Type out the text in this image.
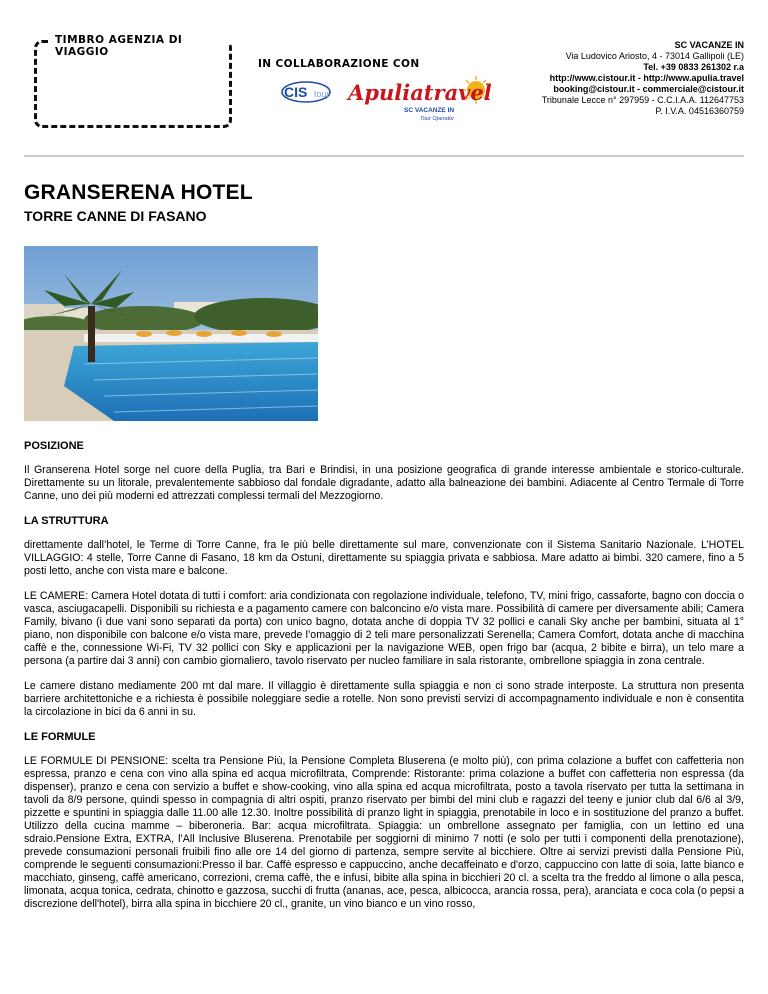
TIMBRO AGENZIA DI VIAGGIO
IN COLLABORAZIONE CON
CIS tour Apuliatravel
SC VACANZE IN
Tour Operator
SC VACANZE IN
Via Ludovico Ariosto, 4 - 73014 Gallipoli (LE)
Tel. +39 0833 261302 r.a
http://www.cistour.it - http://www.apulia.travel
booking@cistour.it - commerciale@cistour.it
Tribunale Lecce n° 297959 - C.C.I.A.A. 112647753
P. I.V.A. 04516360759
GRANSERENA HOTEL
TORRE CANNE DI FASANO
POSIZIONE

Il Granserena Hotel sorge nel cuore della Puglia, tra Bari e Brindisi, in una posizione geografica di grande interesse ambientale e storico-culturale. Direttamente su un litorale, prevalentemente sabbioso dal fondale digradante, adatto alla balneazione dei bambini. Adiacente al Centro Termale di Torre Canne, uno dei più moderni ed attrezzati complessi termali del Mezzogiorno.

LA STRUTTURA

direttamente dall’hotel, le Terme di Torre Canne, fra le più belle direttamente sul mare, convenzionate con il Sistema Sanitario Nazionale. L’HOTEL VILLAGGIO: 4 stelle, Torre Canne di Fasano, 18 km da Ostuni, direttamente su spiaggia privata e sabbiosa. Mare adatto ai bimbi. 320 camere, fino a 5 posti letto, anche con vista mare e balcone.

LE CAMERE: Camera Hotel dotata di tutti i comfort: aria condizionata con regolazione individuale, telefono, TV, mini frigo, cassaforte, bagno con doccia o vasca, asciugacapelli. Disponibili su richiesta e a pagamento camere con balconcino e/o vista mare. Possibilità di camere per diversamente abili; Camera Family, bivano (i due vani sono separati da porta) con unico bagno, dotata anche di doppia TV 32 pollici e canali Sky anche per bambini, situata al 1° piano, non disponibile con balcone e/o vista mare, prevede l’omaggio di 2 teli mare personalizzati Serenella; Camera Comfort, dotata anche di macchina caffè e the, connessione Wi-Fi, TV 32 pollici con Sky e applicazioni per la navigazione WEB, open frigo bar (acqua, 2 bibite e birra), un telo mare a persona (a partire dai 3 anni) con cambio giornaliero, tavolo riservato per nucleo familiare in sala ristorante, ombrellone spiaggia in zona centrale.

Le camere distano mediamente 200 mt dal mare. Il villaggio è direttamente sulla spiaggia e non ci sono strade interposte. La struttura non presenta barriere architettoniche e a richiesta è possibile noleggiare sedie a rotelle. Non sono previsti servizi di accompagnamento individuale e non è consentita la circolazione in bici da 6 anni in su.

LE FORMULE

LE FORMULE DI PENSIONE: scelta tra Pensione Più, la Pensione Completa Bluserena (e molto più), con prima colazione a buffet con caffetteria non espressa, pranzo e cena con vino alla spina ed acqua microfiltrata, Comprende: Ristorante: prima colazione a buffet con caffetteria non espressa (da dispenser), pranzo e cena con servizio a buffet e show-cooking, vino alla spina ed acqua microfiltrata, posto a tavola riservato per tutta la settimana in tavoli da 8/9 persone, quindi spesso in compagnia di altri ospiti, pranzo riservato per bimbi del mini club e ragazzi del teeny e junior club dal 6/6 al 3/9, pizzette e spuntini in spiaggia dalle 11.00 alle 12.30. Inoltre possibilità di pranzo light in spiaggia, prenotabile in loco e in sostituzione del pranzo a buffet. Utilizzo della cucina mamme – biberoneria. Bar: acqua microfiltrata. Spiaggia: un ombrellone assegnato per famiglia, con un lettino ed una sdraio.Pensione Extra, EXTRA, l’All Inclusive Bluserena. Prenotabile per soggiorni di minimo 7 notti (e solo per tutti i componenti della prenotazione), prevede consumazioni personali fruibili fino alle ore 14 del giorno di partenza, sempre servite al bicchiere. Oltre ai servizi previsti dalla Pensione Più, comprende le seguenti consumazioni:Presso il bar. Caffè espresso e cappuccino, anche decaffeinato e d'orzo, cappuccino con latte di soia, latte bianco e macchiato, ginseng, caffè americano, correzioni, crema caffè, the e infusi, bibite alla spina in bicchieri 20 cl. a scelta tra the freddo al limone o alla pesca, limonata, acqua tonica, cedrata, chinotto e gazzosa, succhi di frutta (ananas, ace, pesca, albicocca, arancia rossa, pera), aranciata e coca cola (o pepsi a discrezione dell'hotel), birra alla spina in bicchiere 20 cl., granite, un vino bianco e un vino rosso,
